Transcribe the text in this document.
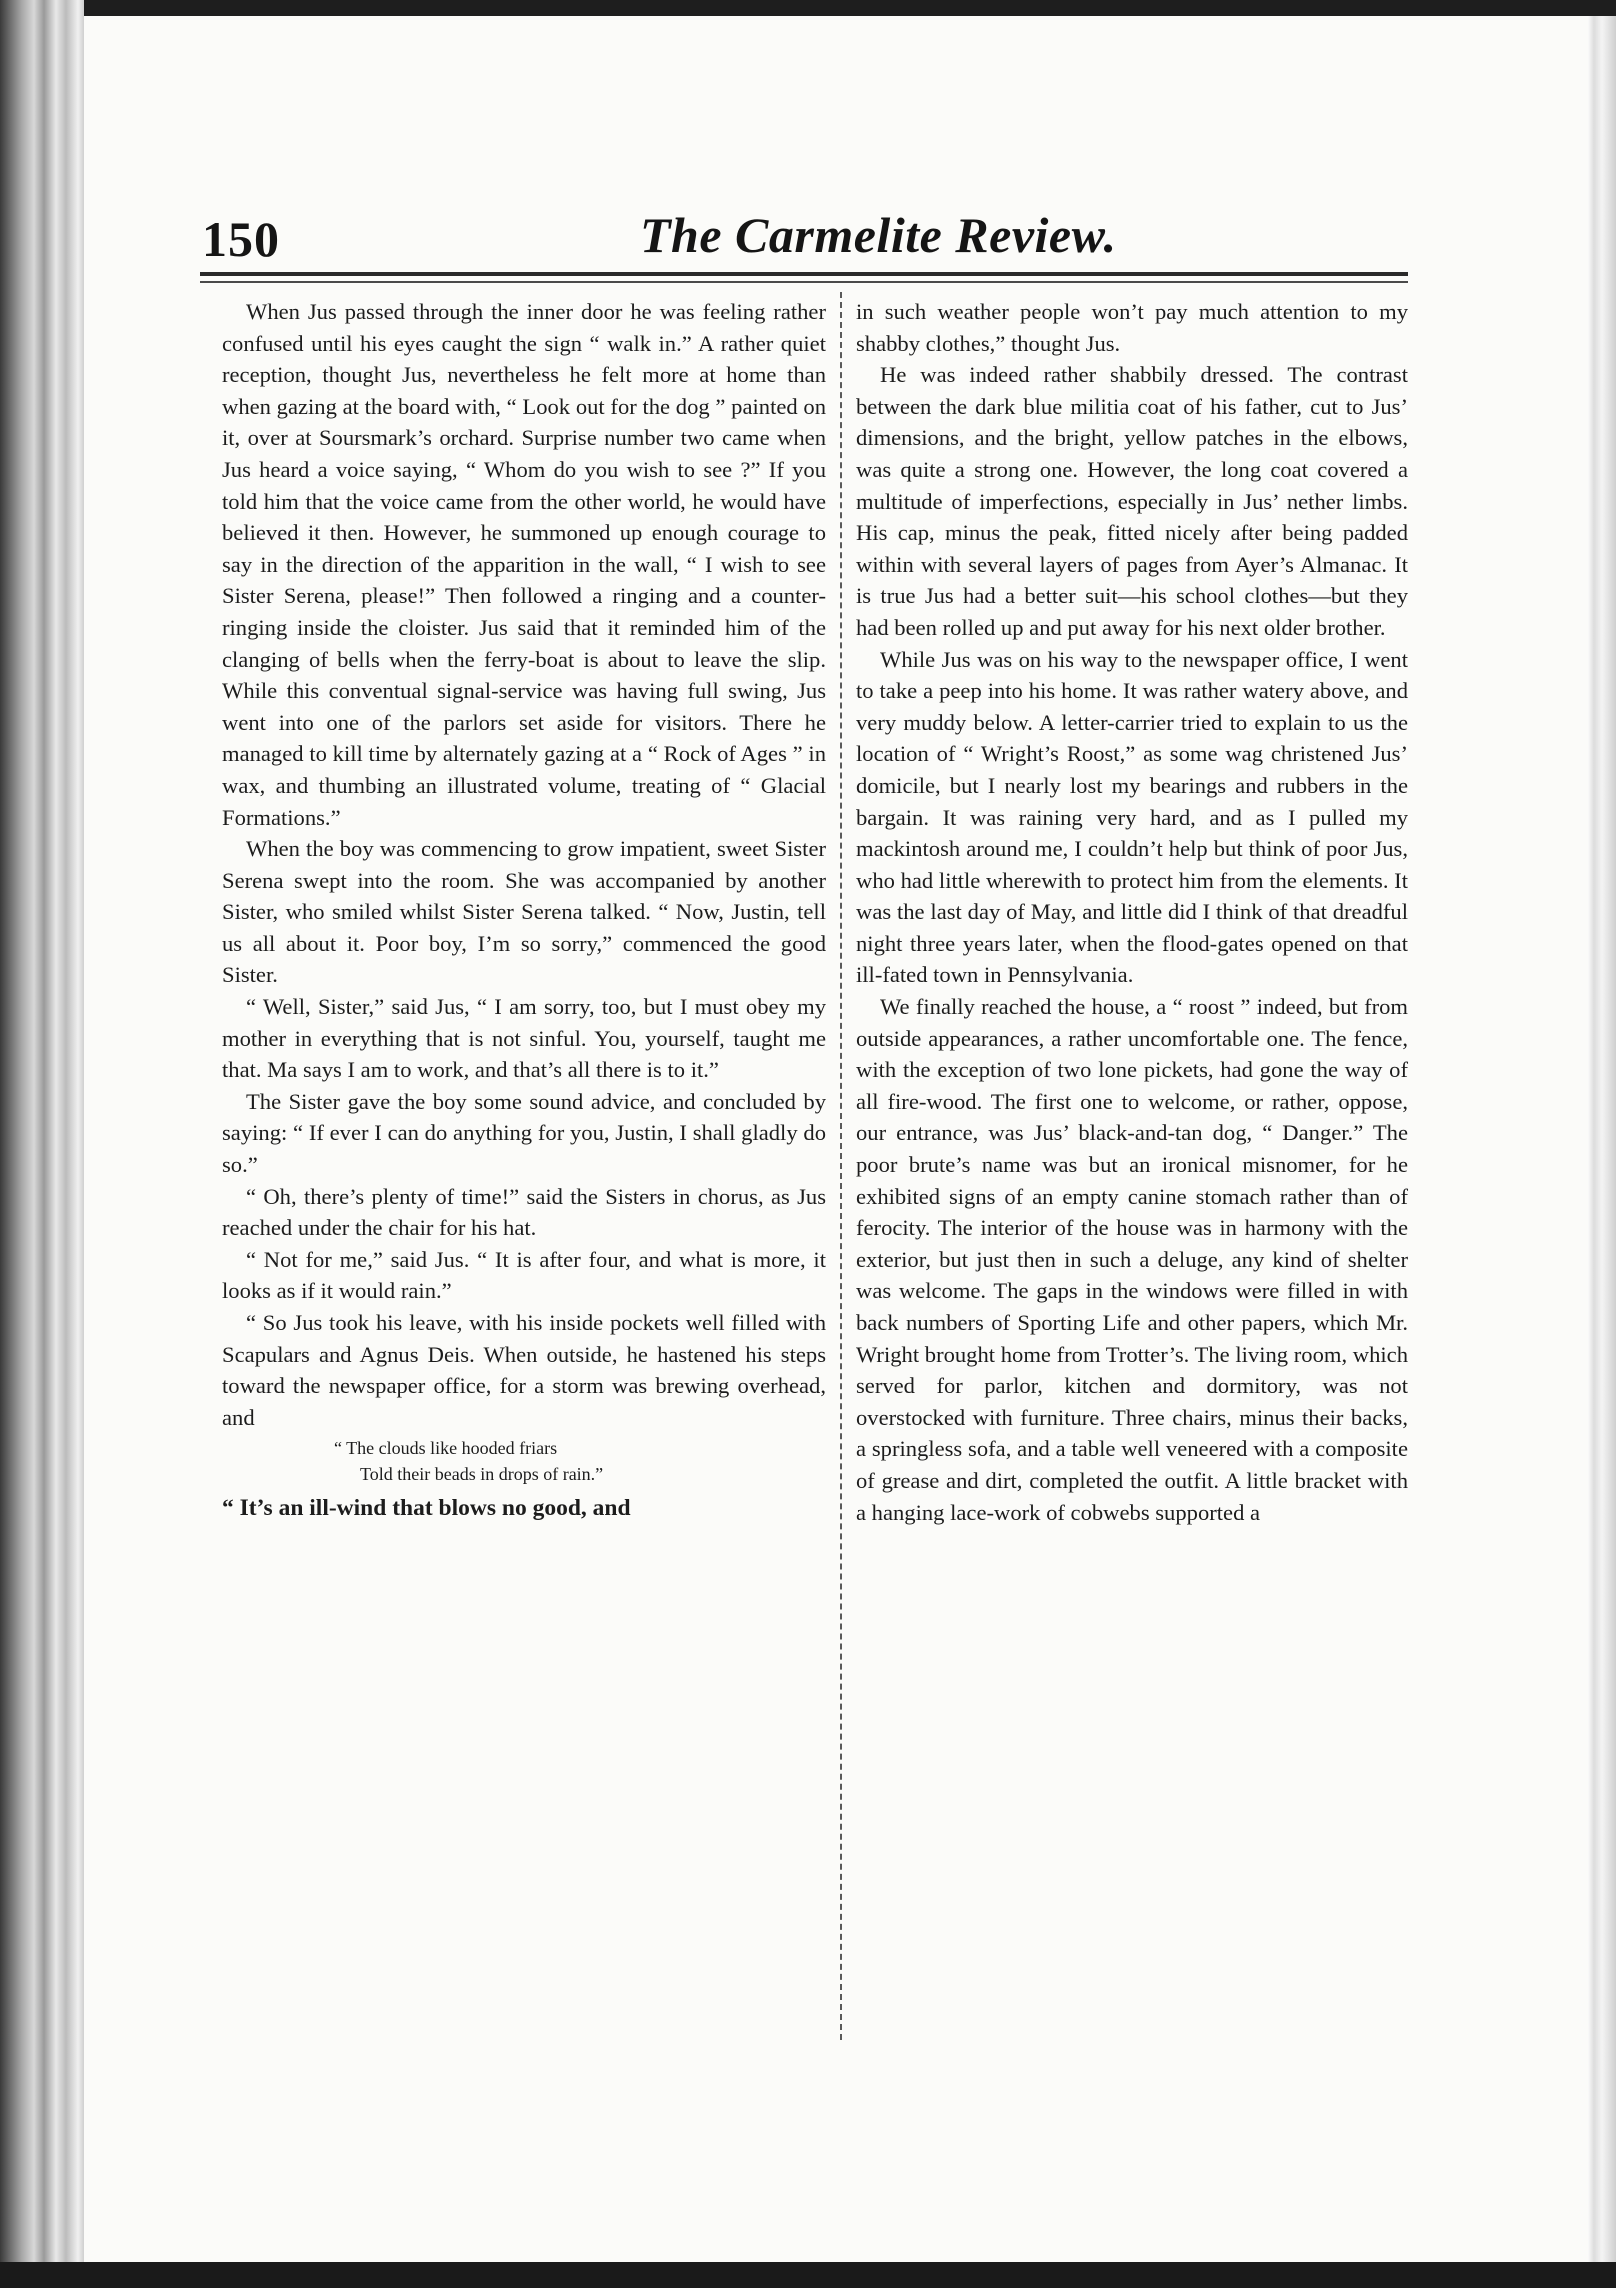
150	The Carmelite Review.

When Jus passed through the inner door he was feeling rather confused until his eyes caught the sign “ walk in.” A rather quiet reception, thought Jus, nevertheless he felt more at home than when gazing at the board with, “ Look out for the dog ” painted on it, over at Soursmark’s orchard. Surprise number two came when Jus heard a voice saying, “ Whom do you wish to see ?” If you told him that the voice came from the other world, he would have believed it then. However, he summoned up enough courage to say in the direction of the apparition in the wall, “ I wish to see Sister Serena, please!” Then followed a ringing and a counter-ringing inside the cloister. Jus said that it reminded him of the clanging of bells when the ferry-boat is about to leave the slip. While this conventual signal-service was having full swing, Jus went into one of the parlors set aside for visitors. There he managed to kill time by alternately gazing at a “ Rock of Ages ” in wax, and thumbing an illustrated volume, treating of “ Glacial Formations.”

When the boy was commencing to grow impatient, sweet Sister Serena swept into the room. She was accompanied by another Sister, who smiled whilst Sister Serena talked. “ Now, Justin, tell us all about it. Poor boy, I’m so sorry,” commenced the good Sister.

“ Well, Sister,” said Jus, “ I am sorry, too, but I must obey my mother in everything that is not sinful. You, yourself, taught me that. Ma says I am to work, and that’s all there is to it.”

The Sister gave the boy some sound advice, and concluded by saying: “ If ever I can do anything for you, Justin, I shall gladly do so.”

“ Oh, there’s plenty of time!” said the Sisters in chorus, as Jus reached under the chair for his hat.

“ Not for me,” said Jus. “ It is after four, and what is more, it looks as if it would rain.”

“ So Jus took his leave, with his inside pockets well filled with Scapulars and Agnus Deis. When outside, he hastened his steps toward the newspaper office, for a storm was brewing overhead, and

“ The clouds like hooded friars
Told their beads in drops of rain.”

“ It’s an ill-wind that blows no good, and

in such weather people won’t pay much attention to my shabby clothes,” thought Jus.

He was indeed rather shabbily dressed. The contrast between the dark blue militia coat of his father, cut to Jus’ dimensions, and the bright, yellow patches in the elbows, was quite a strong one. However, the long coat covered a multitude of imperfections, especially in Jus’ nether limbs. His cap, minus the peak, fitted nicely after being padded within with several layers of pages from Ayer’s Almanac. It is true Jus had a better suit—his school clothes—but they had been rolled up and put away for his next older brother.

While Jus was on his way to the newspaper office, I went to take a peep into his home. It was rather watery above, and very muddy below. A letter-carrier tried to explain to us the location of “ Wright’s Roost,” as some wag christened Jus’ domicile, but I nearly lost my bearings and rubbers in the bargain. It was raining very hard, and as I pulled my mackintosh around me, I couldn’t help but think of poor Jus, who had little wherewith to protect him from the elements. It was the last day of May, and little did I think of that dreadful night three years later, when the flood-gates opened on that ill-fated town in Pennsylvania.

We finally reached the house, a “ roost ” indeed, but from outside appearances, a rather uncomfortable one. The fence, with the exception of two lone pickets, had gone the way of all fire-wood. The first one to welcome, or rather, oppose, our entrance, was Jus’ black-and-tan dog, “ Danger.” The poor brute’s name was but an ironical misnomer, for he exhibited signs of an empty canine stomach rather than of ferocity. The interior of the house was in harmony with the exterior, but just then in such a deluge, any kind of shelter was welcome. The gaps in the windows were filled in with back numbers of Sporting Life and other papers, which Mr. Wright brought home from Trotter’s. The living room, which served for parlor, kitchen and dormitory, was not overstocked with furniture. Three chairs, minus their backs, a springless sofa, and a table well veneered with a composite of grease and dirt, completed the outfit. A little bracket with a hanging lace-work of cobwebs supported a
